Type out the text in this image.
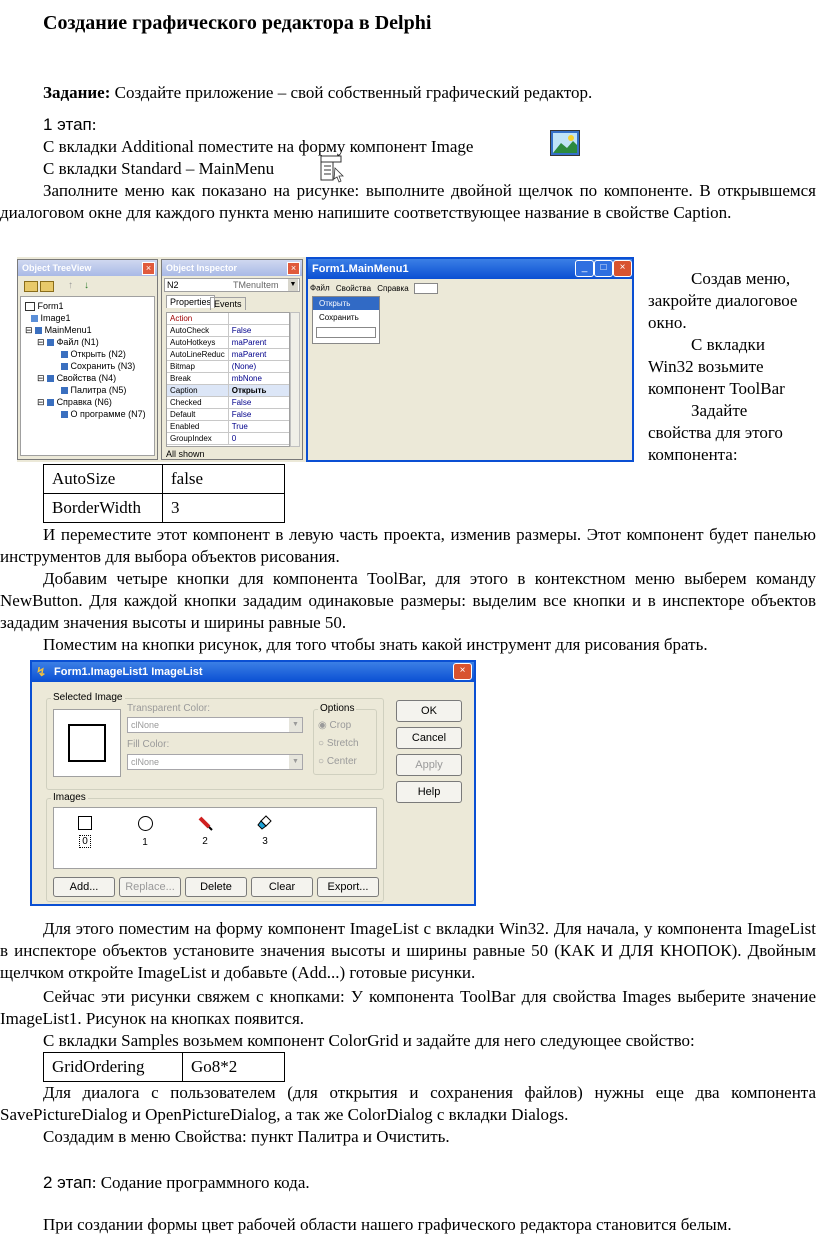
Создание графического редактора в Delphi
Задание: Создайте приложение – свой собственный графический редактор.
1 этап:
С вкладки Additional поместите на форму компонент Image
С вкладки Standard – MainMenu
Заполните меню как показано на рисунке: выполните двойной щелчок по компоненте. В открывшемся диалоговом окне для каждого пункта меню напишите соответствующее название в свойстве Caption.
Object TreeView	×
↑ ↓
Form1
Image1
⊟  MainMenu1
⊟  Файл (N1)
Открыть (N2)
Сохранить (N3)
⊟  Свойства (N4)
Палитра (N5)
⊟  Справка (N6)
О программе (N7)
Object Inspector	×
N2	TMenuItem ▼
Properties Events
Action	
AutoCheck	False
AutoHotkeys	maParent
AutoLineReduc	maParent
Bitmap	(None)
Break	mbNone
Caption	Открыть
Checked	False
Default	False
Enabled	True
GroupIndex	0
All shown
Form1.MainMenu1	_	□	×
Файл Свойства Справка
Открыть
Сохранить
Создав меню, закройте диалоговое окно.
С вкладки Win32 возьмите компонент ToolBar
Задайте свойства для этого компонента:
AutoSize	false
BorderWidth	3
И переместите этот компонент в левую часть проекта, изменив размеры. Этот компонент будет панелью инструментов для выбора объектов рисования.
Добавим четыре кнопки для компонента ToolBar, для этого в контекстном меню выберем команду NewButton. Для каждой кнопки зададим одинаковые размеры: выделим все кнопки и в инспекторе объектов зададим значения высоты и ширины равные 50.
Поместим на кнопки рисунок, для того чтобы знать какой инструмент для рисования брать.
Form1.ImageList1 ImageList
↯	×
Selected Image
Transparent Color:
clNone	▼
Fill Color:
clNone	▼
Options
◉ Crop
○ Stretch
○ Center
OK
Cancel
Apply
Help
Images
0	1	2	3
Add...	Replace...	Delete	Clear	Export...
Для этого поместим на форму компонент ImageList с вкладки Win32. Для начала, у компонента ImageList в инспекторе объектов установите значения высоты и ширины равные 50 (КАК И ДЛЯ КНОПОК). Двойным щелчком откройте ImageList и добавьте (Add...) готовые рисунки.
Сейчас эти рисунки свяжем с кнопками: У компонента ToolBar для свойства Images выберите значение ImageList1. Рисунок на кнопках появится.
С вкладки Samples возьмем компонент ColorGrid и задайте для него следующее свойство:
GridOrdering	Go8*2
Для диалога с пользователем (для открытия и сохранения файлов) нужны еще два компонента SavePictureDialog и OpenPictureDialog, а так же ColorDialog с вкладки Dialogs.
Создадим в меню Свойства: пункт Палитра и Очистить.
2 этап: Содание программного кода.
При создании формы цвет рабочей области нашего графического редактора становится белым.
